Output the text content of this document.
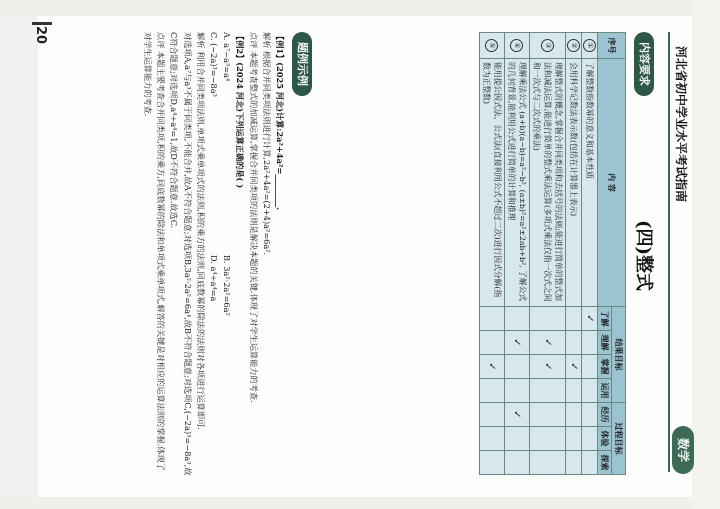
20
河北省初中学业水平考试指南
数学
(四)整式
内容要求
序号	内 容	结果目标				过程目标		
		了解	理解	掌握	运用	经历	体验	探索
①	了解整数指数幂的意义和基本性质	✓						
②	会用科学记数法表示数(包括在计算器上表示)			✓				
③	理解整式的概念,掌握合并同类项和去括号的法则;能进行简单的整式加法和减法运算;能进行简单的整式乘法运算(多项式乘法仅指一次式之间和一次式与二次式的乘法)		✓	✓				
④	理解乘法公式 (a+b)(a−b)=a²−b², (a±b)²=a²±2ab+b², 了解公式的几何背景,能利用公式进行简单的计算和推理		✓			✓		
⑤	能用提公因式法、公式法(直接利用公式不超过二次)进行因式分解(指数为正整数)			✓				
题例示例

【例1】(2025 河北)计算:2a²+4a²=________.

解析 根据合并同类项法则进行计算,2a²+4a²=(2+4)a²=6a².

点评 本题考查整式的加减运算,掌握合并同类项的法则是解决本题的关键.体现了对学生运算能力的考查.

【例2】(2024 河北)下列运算正确的是( )

A. a⁷−a³=a⁴
B. 3a²·2a²=6a²
C. (−2a)³=−8a³
D. a⁴÷a⁴=a

解析 利用合并同类项法则,单项式乘单项式的法则,积的乘方的法则,同底数幂的除法的法则对各项进行运算即可.

对选项A,a⁷与a³不属于同类项,不能合并,故A不符合题意;对选项B,3a²·2a²=6a⁴,故B不符合题意;对选项C,(−2a)³=−8a³,故C符合题意;对选项D,a⁴÷a⁴=1,故D不符合题意.故选C.

点评 本题主要考查合并同类项,积的乘方,同底数幂的除法和单项式乘单项式,解答的关键是对相应的运算法则的掌握.体现了对学生运算能力的考查.
